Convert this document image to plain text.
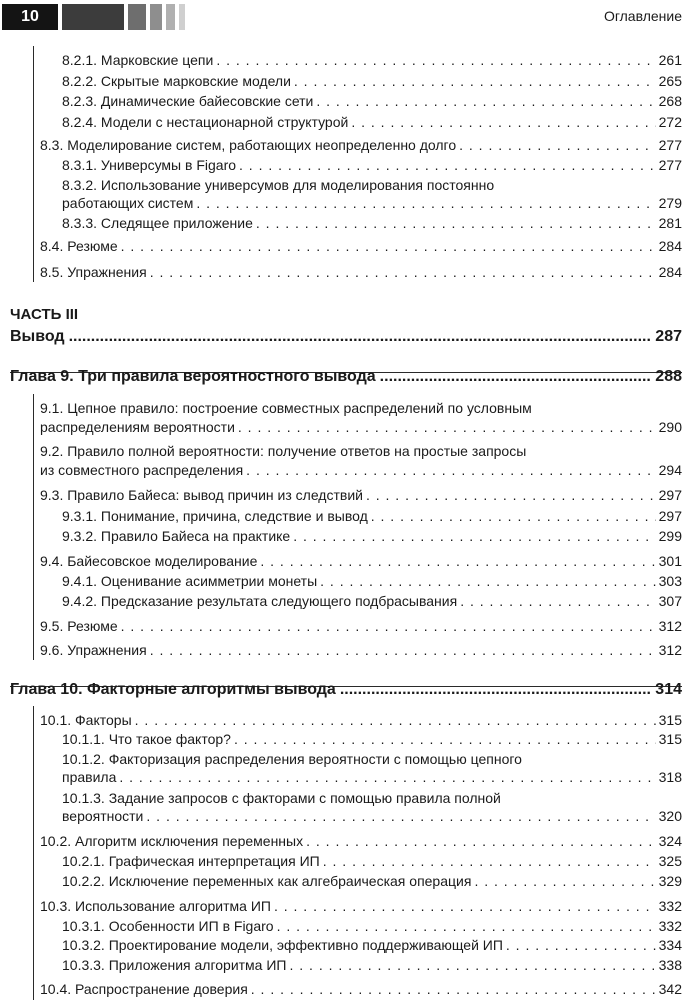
10	Оглавление
8.2.1. Марковские цепи . . .	261
8.2.2. Скрытые марковские модели . . .	265
8.2.3. Динамические байесовские сети . . .	268
8.2.4. Модели с нестационарной структурой . . .	272
8.3. Моделирование систем, работающих неопределенно долго . . .	277
8.3.1. Универсумы в Figaro . . .	277
8.3.2. Использование универсумов для моделирования постоянно
работающих систем . . .	279
8.3.3. Следящее приложение . . .	281
8.4. Резюме . . .	284
8.5. Упражнения . . .	284
ЧАСТЬ III
Вывод .....	287
Глава 9. Три правила вероятностного вывода .....	288
9.1. Цепное правило: построение совместных распределений по условным
распределениям вероятности . . .	290
9.2. Правило полной вероятности: получение ответов на простые запросы
из совместного распределения . . .	294
9.3. Правило Байеса: вывод причин из следствий . . .	297
9.3.1. Понимание, причина, следствие и вывод . . .	297
9.3.2. Правило Байеса на практике . . .	299
9.4. Байесовское моделирование . . .	301
9.4.1. Оценивание асимметрии монеты . . .	303
9.4.2. Предсказание результата следующего подбрасывания . . .	307
9.5. Резюме . . .	312
9.6. Упражнения . . .	312
Глава 10. Факторные алгоритмы вывода .....	314
10.1. Факторы . . .	315
10.1.1. Что такое фактор? . . .	315
10.1.2. Факторизация распределения вероятности с помощью цепного
правила . . .	318
10.1.3. Задание запросов с факторами с помощью правила полной
вероятности . . .	320
10.2. Алгоритм исключения переменных . . .	324
10.2.1. Графическая интерпретация ИП . . .	325
10.2.2. Исключение переменных как алгебраическая операция . . .	329
10.3. Использование алгоритма ИП . . .	332
10.3.1. Особенности ИП в Figaro . . .	332
10.3.2. Проектирование модели, эффективно поддерживающей ИП . . .	334
10.3.3. Приложения алгоритма ИП . . .	338
10.4. Распространение доверия . . .	342
